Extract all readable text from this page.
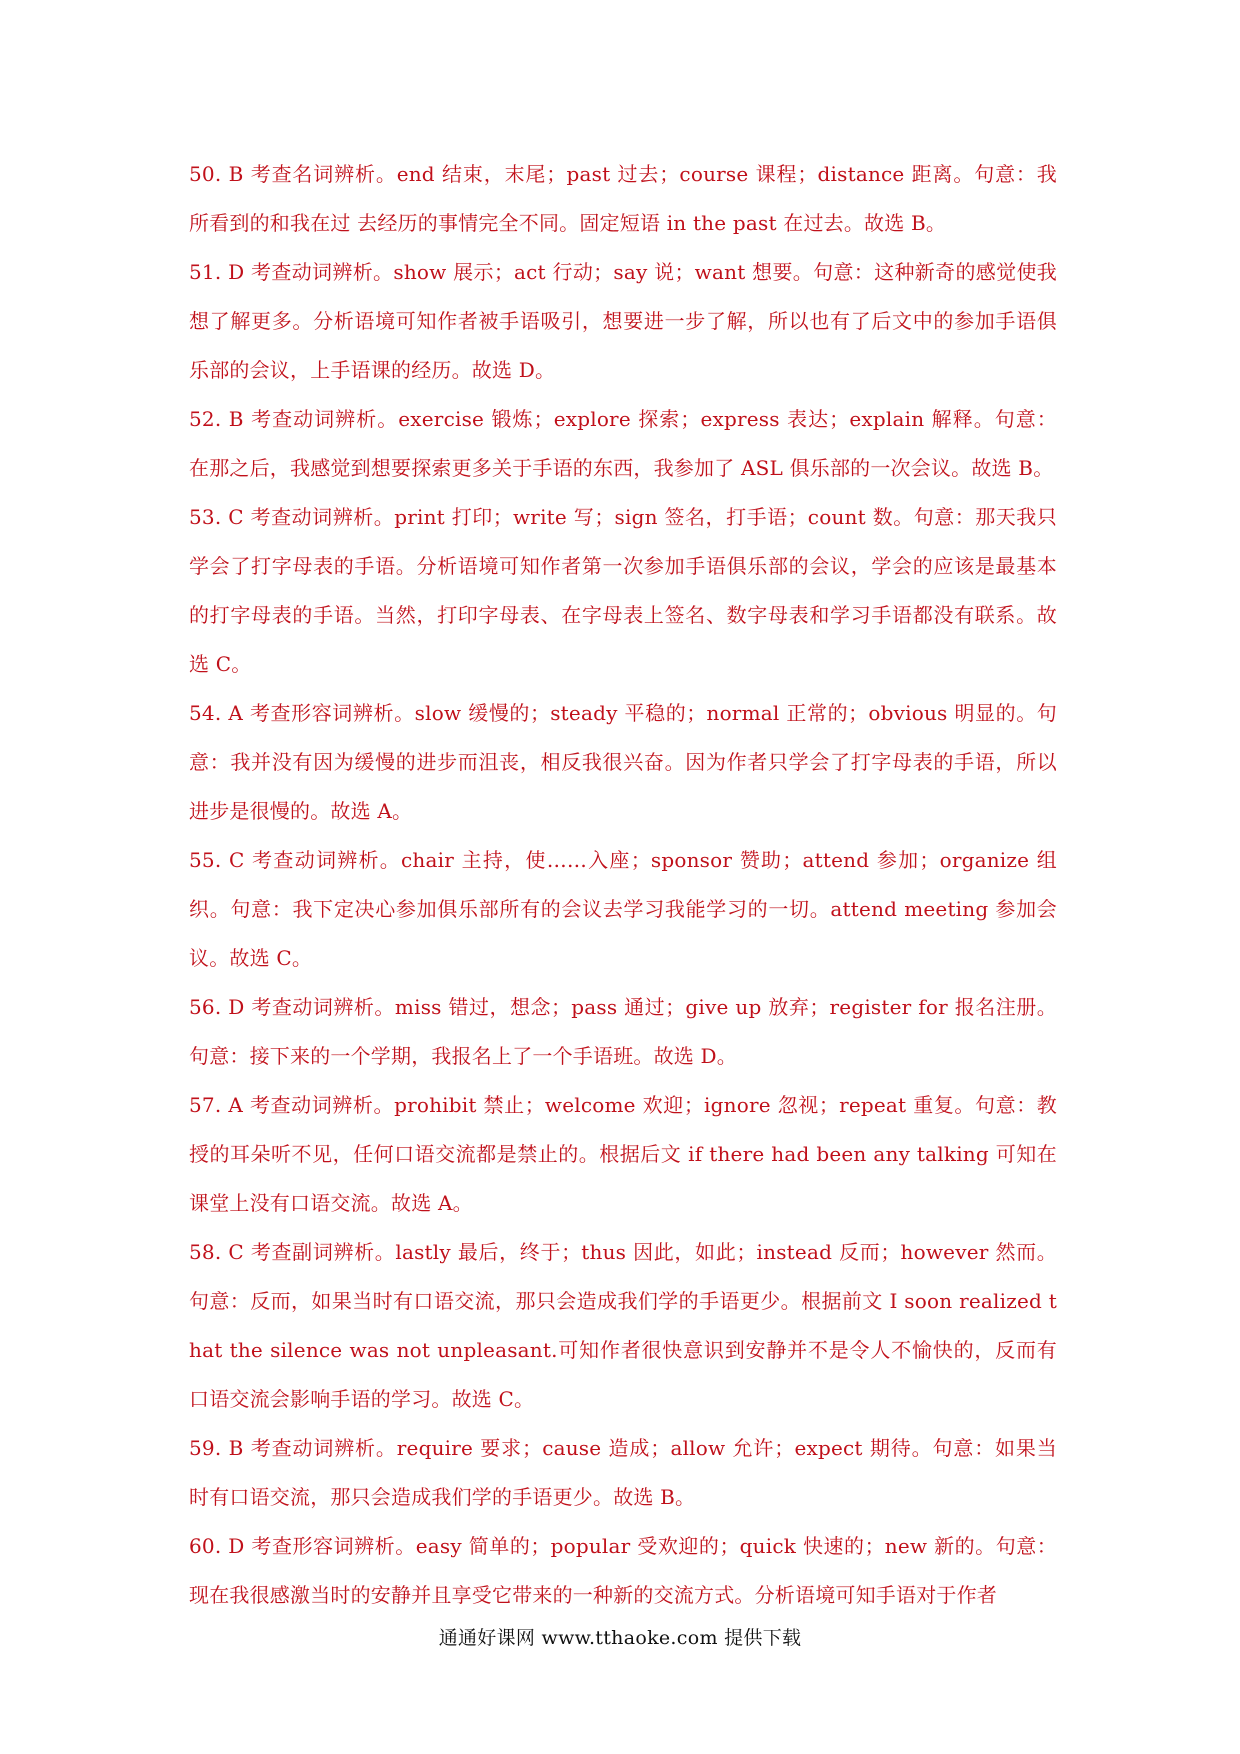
50. B 考查名词辨析。end 结束，末尾；past 过去；course 课程；distance 距离。句意：我所看到的和我在过 去经历的事情完全不同。固定短语 in the past 在过去。故选 B。

51. D 考查动词辨析。show 展示；act 行动；say 说；want 想要。句意：这种新奇的感觉使我想了解更多。分析语境可知作者被手语吸引，想要进一步了解，所以也有了后文中的参加手语俱乐部的会议，上手语课的经历。故选 D。

52. B 考查动词辨析。exercise 锻炼；explore 探索；express 表达；explain 解释。句意：在那之后，我感觉到想要探索更多关于手语的东西，我参加了 ASL 俱乐部的一次会议。故选 B。

53. C 考查动词辨析。print 打印；write 写；sign 签名，打手语；count 数。句意：那天我只学会了打字母表的手语。分析语境可知作者第一次参加手语俱乐部的会议，学会的应该是最基本的打字母表的手语。当然，打印字母表、在字母表上签名、数字母表和学习手语都没有联系。故选 C。

54. A 考查形容词辨析。slow 缓慢的；steady 平稳的；normal 正常的；obvious 明显的。句意：我并没有因为缓慢的进步而沮丧，相反我很兴奋。因为作者只学会了打字母表的手语，所以进步是很慢的。故选 A。

55. C 考查动词辨析。chair 主持，使……入座；sponsor 赞助；attend 参加；organize 组织。句意：我下定决心参加俱乐部所有的会议去学习我能学习的一切。attend meeting 参加会议。故选 C。

56. D 考查动词辨析。miss 错过，想念；pass 通过；give up 放弃；register for 报名注册。句意：接下来的一个学期，我报名上了一个手语班。故选 D。

57. A 考查动词辨析。prohibit 禁止；welcome 欢迎；ignore 忽视；repeat 重复。句意：教授的耳朵听不见，任何口语交流都是禁止的。根据后文 if there had been any talking 可知在课堂上没有口语交流。故选 A。

58. C 考查副词辨析。lastly 最后，终于；thus 因此，如此；instead 反而；however 然而。句意：反而，如果当时有口语交流，那只会造成我们学的手语更少。根据前文 I soon realized that the silence was not unpleasant.可知作者很快意识到安静并不是令人不愉快的，反而有口语交流会影响手语的学习。故选 C。

59. B 考查动词辨析。require 要求；cause 造成；allow 允许；expect 期待。句意：如果当时有口语交流，那只会造成我们学的手语更少。故选 B。

60. D 考查形容词辨析。easy 简单的；popular 受欢迎的；quick 快速的；new 新的。句意：现在我很感激当时的安静并且享受它带来的一种新的交流方式。分析语境可知手语对于作者

通通好课网 www.tthaoke.com 提供下载
